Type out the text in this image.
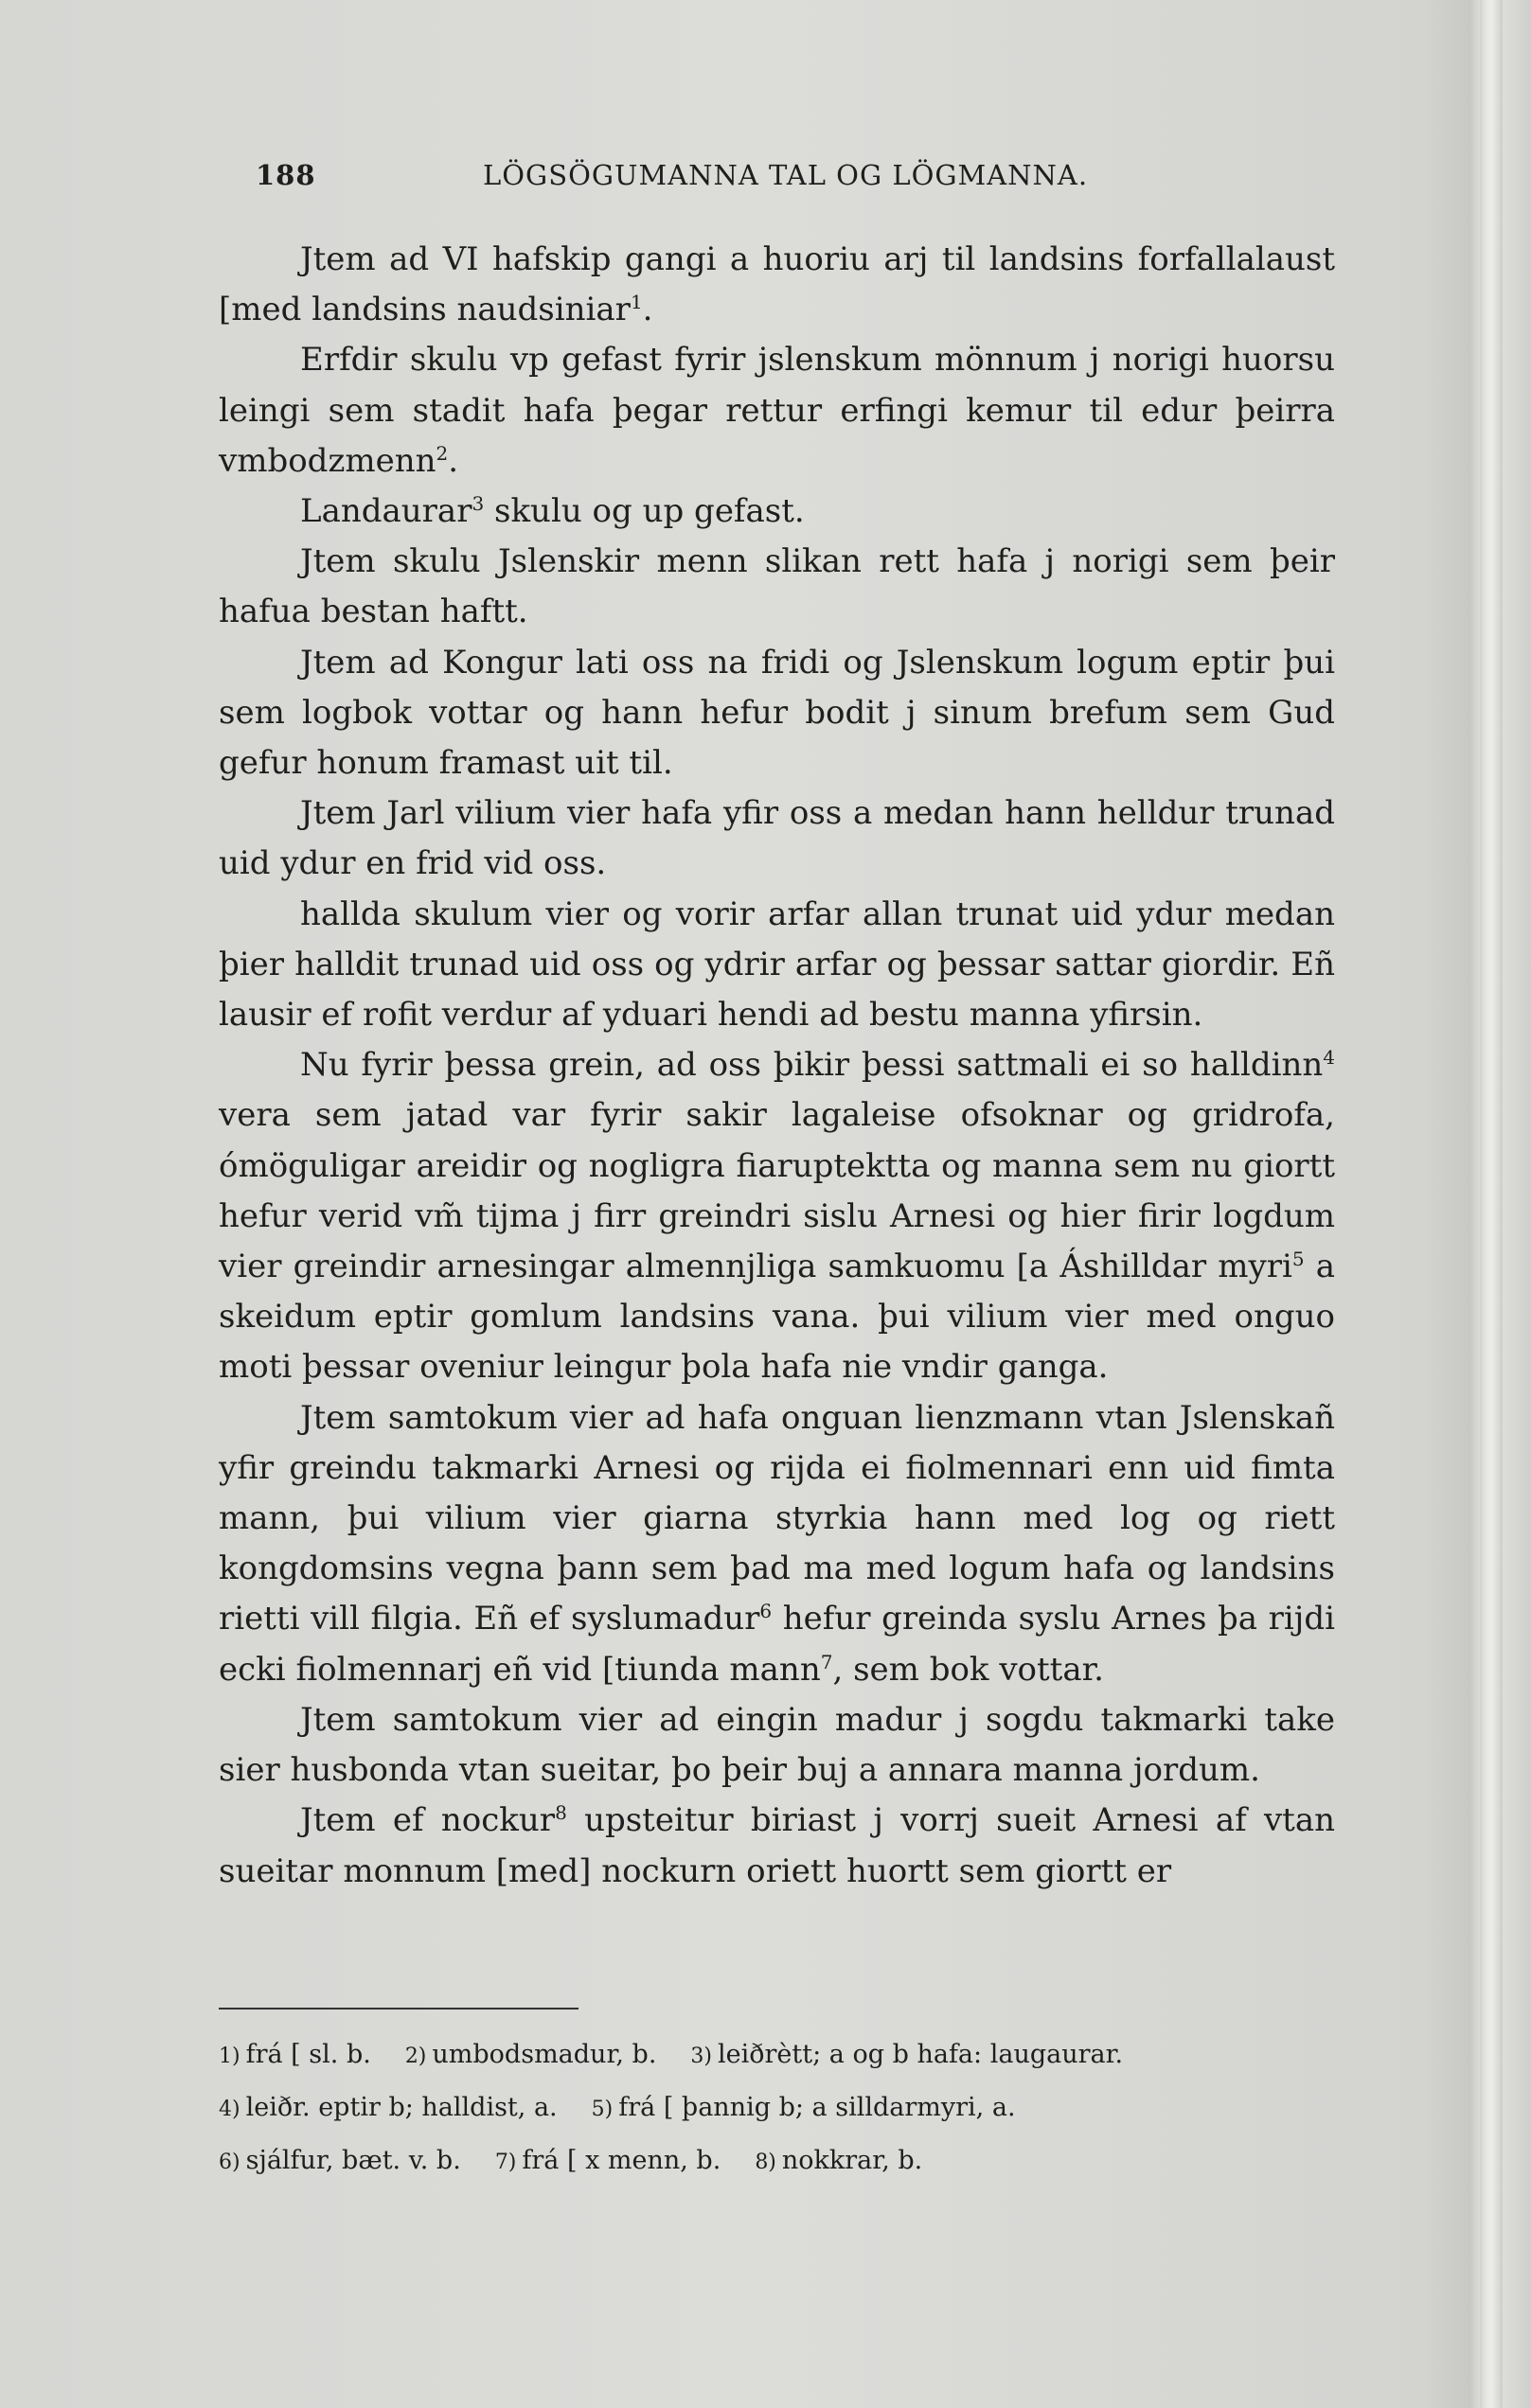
188	LÖGSÖGUMANNA TAL OG LÖGMANNA.

Jtem ad VI hafskip gangi a huoriu arj til landsins forfallalaust [med landsins naudsiniar$^1$.

Erfdir skulu vp gefast fyrir jslenskum mönnum j norigi huorsu leingi sem stadit hafa þegar rettur erfingi kemur til edur þeirra vmbodzmenn$^2$.

Landaurar$^3$ skulu og up gefast.

Jtem skulu Jslenskir menn slikan rett hafa j norigi sem þeir hafua bestan haftt.

Jtem ad Kongur lati oss na fridi og Jslenskum logum eptir þui sem logbok vottar og hann hefur bodit j sinum brefum sem Gud gefur honum framast uit til.

Jtem Jarl vilium vier hafa yfir oss a medan hann helldur trunad uid ydur en frid vid oss.

hallda skulum vier og vorir arfar allan trunat uid ydur medan þier halldit trunad uid oss og ydrir arfar og þessar sattar giordir. Eñ lausir ef rofit verdur af yduari hendi ad bestu manna yfirsin.

Nu fyrir þessa grein, ad oss þikir þessi sattmali ei so halldinn$^4$ vera sem jatad var fyrir sakir lagaleise ofsoknar og gridrofa, ómöguligar areidir og nogligra fiaruptektta og manna sem nu giortt hefur verid vm̃ tijma j firr greindri sislu Arnesi og hier firir logdum vier greindir arnesingar almennjliga samkuomu [a Áshilldar myri$^5$ a skeidum eptir gomlum landsins vana. þui vilium vier med onguo moti þessar oveniur leingur þola hafa nie vndir ganga.

Jtem samtokum vier ad hafa onguan lienzmann vtan Jslenskañ yfir greindu takmarki Arnesi og rijda ei fiolmennari enn uid fimta mann, þui vilium vier giarna styrkia hann med log og riett kongdomsins vegna þann sem þad ma med logum hafa og landsins rietti vill filgia. Eñ ef syslumadur$^6$ hefur greinda syslu Arnes þa rijdi ecki fiolmennarj eñ vid [tiunda mann$^7$, sem bok vottar.

Jtem samtokum vier ad eingin madur j sogdu takmarki take sier husbonda vtan sueitar, þo þeir buj a annara manna jordum.

Jtem ef nockur$^8$ upsteitur biriast j vorrj sueit Arnesi af vtan sueitar monnum [med] nockurn oriett huortt sem giortt er

1) frá [ sl. b. 2) umbodsmadur, b. 3) leiðrètt; a og b hafa: laugaurar.
4) leiðr. eptir b; halldist, a. 5) frá [ þannig b; a silldarmyri, a.
6) sjálfur, bæt. v. b. 7) frá [ x menn, b. 8) nokkrar, b.
